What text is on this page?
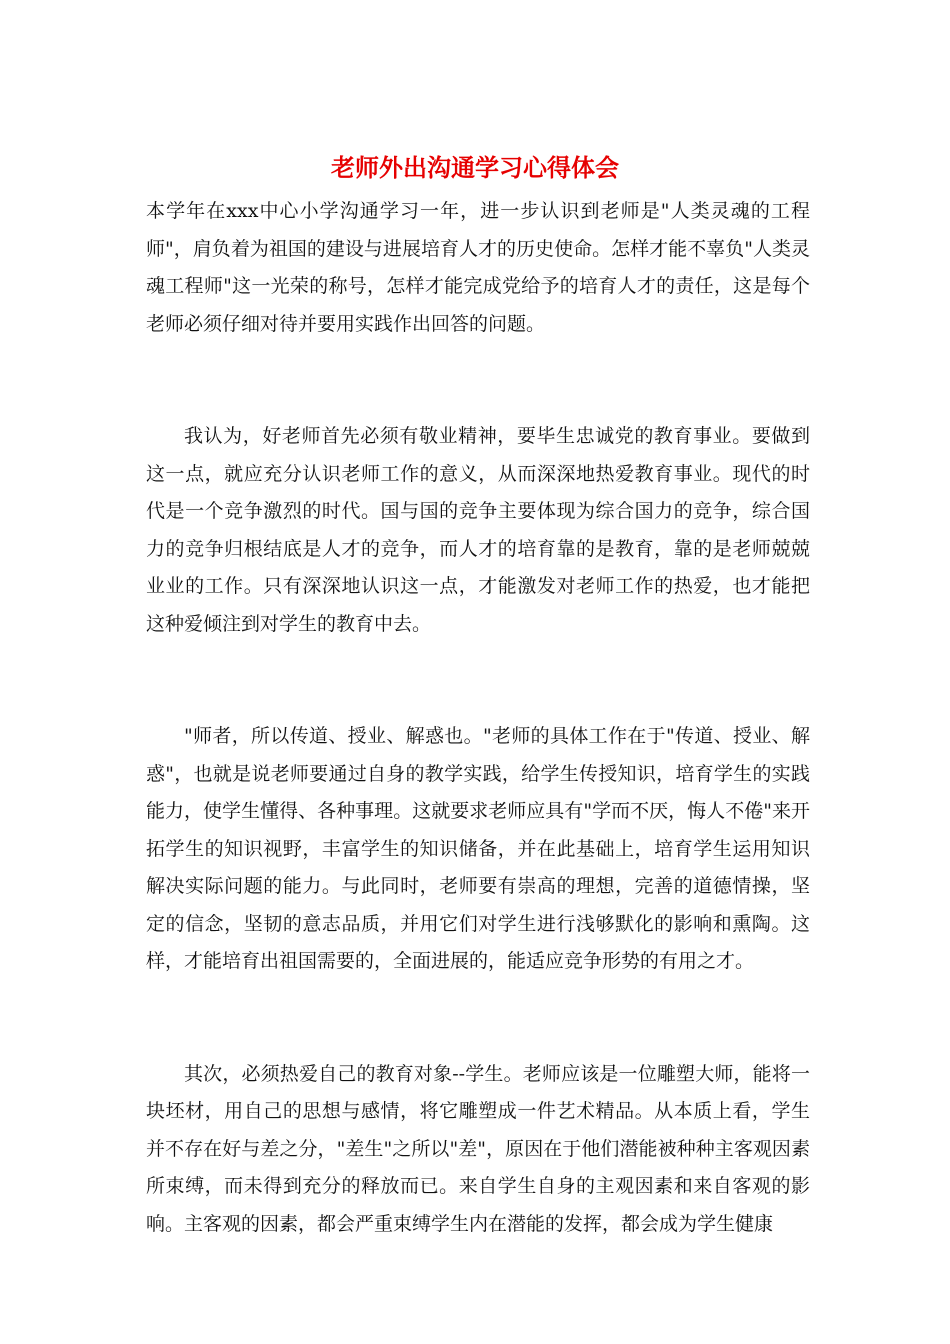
老师外出沟通学习心得体会

本学年在xxx中心小学沟通学习一年，进一步认识到老师是"人类灵魂的工程师"，肩负着为祖国的建设与进展培育人才的历史使命。怎样才能不辜负"人类灵魂工程师"这一光荣的称号，怎样才能完成党给予的培育人才的责任，这是每个老师必须仔细对待并要用实践作出回答的问题。

我认为，好老师首先必须有敬业精神，要毕生忠诚党的教育事业。要做到这一点，就应充分认识老师工作的意义，从而深深地热爱教育事业。现代的时代是一个竞争激烈的时代。国与国的竞争主要体现为综合国力的竞争，综合国力的竞争归根结底是人才的竞争，而人才的培育靠的是教育，靠的是老师兢兢业业的工作。只有深深地认识这一点，才能激发对老师工作的热爱，也才能把这种爱倾注到对学生的教育中去。

"师者，所以传道、授业、解惑也。"老师的具体工作在于"传道、授业、解惑"，也就是说老师要通过自身的教学实践，给学生传授知识，培育学生的实践能力，使学生懂得、各种事理。这就要求老师应具有"学而不厌，悔人不倦"来开拓学生的知识视野，丰富学生的知识储备，并在此基础上，培育学生运用知识解决实际问题的能力。与此同时，老师要有崇高的理想，完善的道德情操，坚定的信念，坚韧的意志品质，并用它们对学生进行浅够默化的影响和熏陶。这样，才能培育出祖国需要的，全面进展的，能适应竞争形势的有用之才。

其次，必须热爱自己的教育对象--学生。老师应该是一位雕塑大师，能将一块坯材，用自己的思想与感情，将它雕塑成一件艺术精品。从本质上看，学生并不存在好与差之分，"差生"之所以"差"，原因在于他们潜能被种种主客观因素所束缚，而未得到充分的释放而已。来自学生自身的主观因素和来自客观的影响。主客观的因素，都会严重束缚学生内在潜能的发挥，都会成为学生健康
